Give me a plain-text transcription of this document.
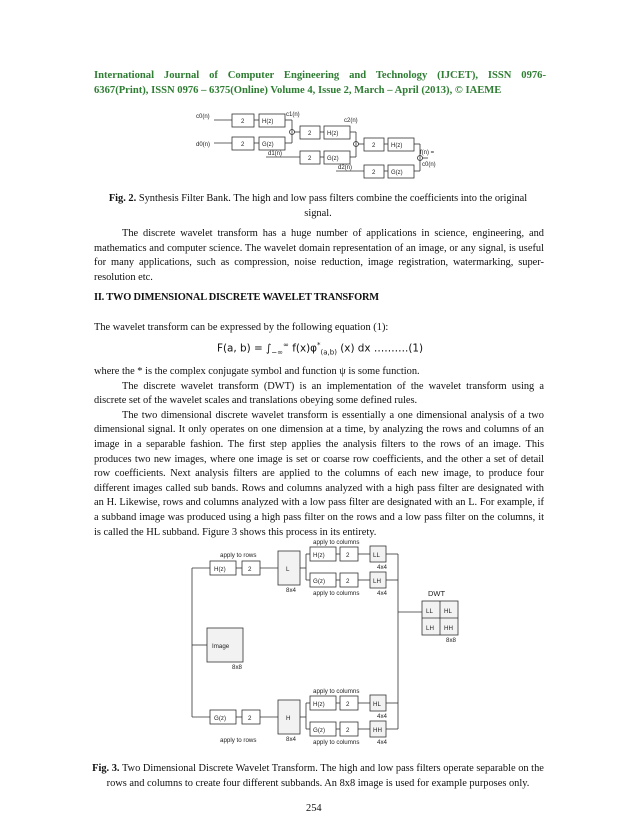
International Journal of Computer Engineering and Technology (IJCET), ISSN 0976-
6367(Print), ISSN 0976 – 6375(Online) Volume 4, Issue 2, March – April (2013), © IAEME
c0(n)
d0(n)
2
2
H(z)
G(z)
c1(n)
d1(n)
2
2
H(z)
G(z)
c2(n)
d2(n)
2
2
H(z)
G(z)
f(n) =
c0(n)
Fig. 2. Synthesis Filter Bank. The high and low pass filters combine the coefficients into the original signal.

The discrete wavelet transform has a huge number of applications in science, engineering, and mathematics and computer science. The wavelet domain representation of an image, or any signal, is useful for many applications, such as compression, noise reduction, image registration, watermarking, super-resolution etc.

II. TWO DIMENSIONAL DISCRETE WAVELET TRANSFORM

The wavelet transform can be expressed by the following equation (1):

F(a, $b) = \int_{-\infty}^\infty$ $f(x)\varphi^*_{(a,b)}$ (x) dx ……….(1)

where the * is the complex conjugate symbol and function ψ is some function.

The discrete wavelet transform (DWT) is an implementation of the wavelet transform using a discrete set of the wavelet scales and translations obeying some defined rules.

The two dimensional discrete wavelet transform is essentially a one dimensional analysis of a two dimensional signal. It only operates on one dimension at a time, by analyzing the rows and columns of an image in a separable fashion. The first step applies the analysis filters to the rows of an image. This produces two new images, where one image is set or coarse row coefficients, and the other a set of detail row coefficients. Next analysis filters are applied to the columns of each new image, to produce four different images called sub bands. Rows and columns analyzed with a high pass filter are designated with an H. Likewise, rows and columns analyzed with a low pass filter are designated with an L. For example, if a subband image was produced using a high pass filter on the rows and a low pass filter on the columns, it is called the HL subband. Figure 3 shows this process in its entirety.

apply to rows
apply to rows
apply to columns
apply to columns
apply to columns
apply to columns
H(z)
G(z)
2
2
L
H
8x4
8x4
H(z)
G(z)
H(z)
G(z)
2
2
2
2
LL
LH
HL
HH
4x4
4x4
4x4
4x4
Image
8x8
DWT
LL HL
LH HH
8x8
Fig. 3. Two Dimensional Discrete Wavelet Transform. The high and low pass filters operate separable on the rows and columns to create four different subbands. An 8x8 image is used for example purposes only.
254
